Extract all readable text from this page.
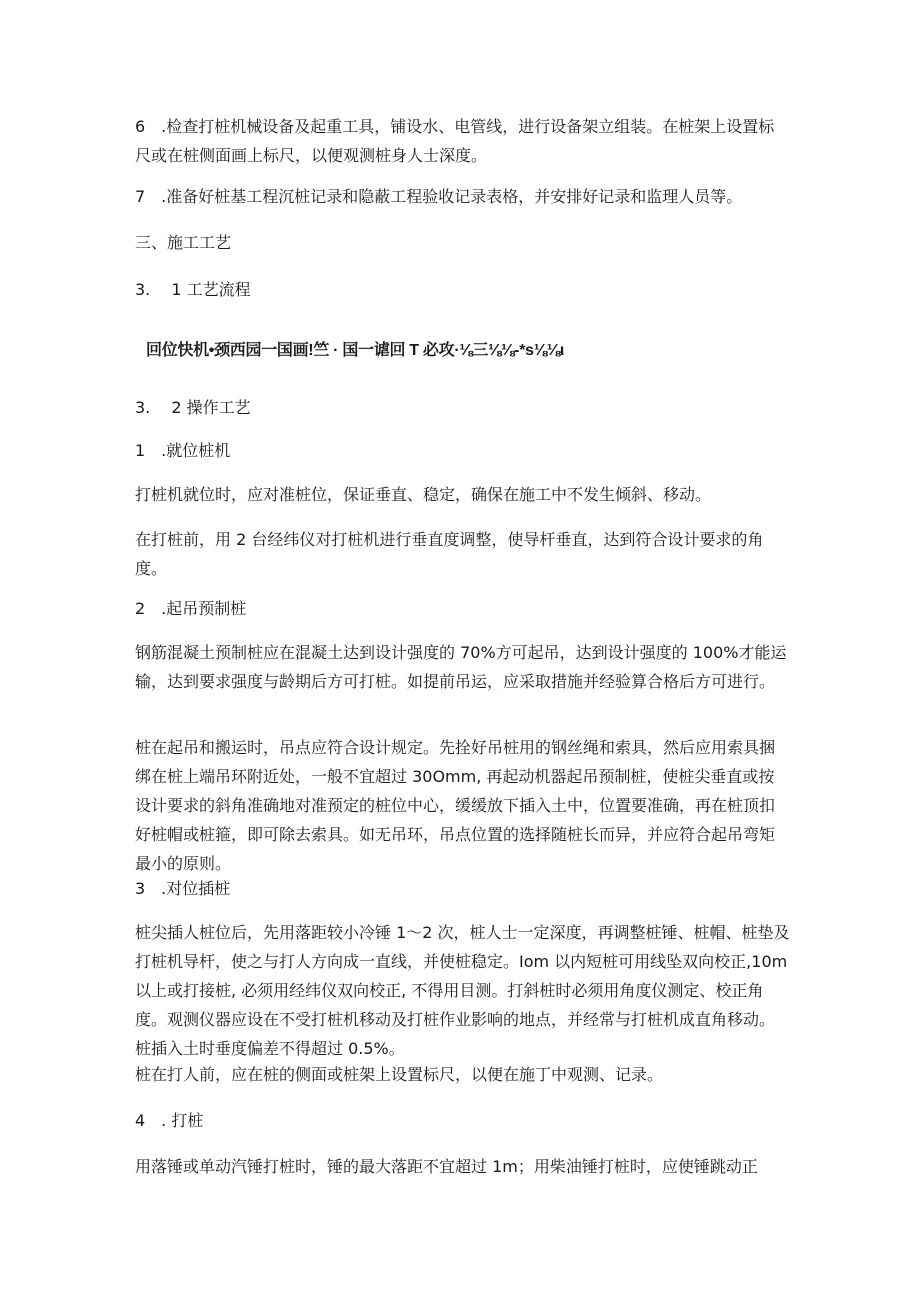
6　.检查打桩机械设备及起重工具，铺设水、电管线，进行设备架立组装。在桩架上设置标尺或在桩侧面画上标尺，以便观测桩身人士深度。

7　.准备好桩基工程沉桩记录和隐蔽工程验收记录表格，并安排好记录和监理人员等。

三、施工工艺

3.　 1 工艺流程

回位快机•颈西园一国画!竺 · 国一谑回 T 必攻·⅛三⅛⅛-*s⅛⅛ι

3.　 2 操作工艺

1　.就位桩机

打桩机就位时，应对准桩位，保证垂直、稳定，确保在施工中不发生倾斜、移动。

在打桩前，用 2 台经纬仪对打桩机进行垂直度调整，使导杆垂直，达到符合设计要求的角度。

2　.起吊预制桩

钢筋混凝土预制桩应在混凝土达到设计强度的 70%方可起吊，达到设计强度的 100%才能运输，达到要求强度与龄期后方可打桩。如提前吊运，应采取措施并经验算合格后方可进行。

桩在起吊和搬运时，吊点应符合设计规定。先拴好吊桩用的钢丝绳和索具，然后应用索具捆绑在桩上端吊环附近处，一般不宜超过 30Omm, 再起动机器起吊预制桩，使桩尖垂直或按设计要求的斜角准确地对准预定的桩位中心，缓缓放下插入土中，位置要准确，再在桩顶扣好桩帽或桩箍，即可除去索具。如无吊环，吊点位置的选择随桩长而异，并应符合起吊弯矩最小的原则。

3　.对位插桩

桩尖插人桩位后，先用落距较小冷锤 1～2 次，桩人士一定深度，再调整桩锤、桩帽、桩垫及打桩机导杆，使之与打人方向成一直线，并使桩稳定。Iom 以内短桩可用线坠双向校正,10m 以上或打接桩, 必须用经纬仪双向校正, 不得用目测。打斜桩时必须用角度仪测定、校正角度。观测仪器应设在不受打桩机移动及打桩作业影响的地点，并经常与打桩机成直角移动。桩插入土时垂度偏差不得超过 0.5%。

桩在打人前，应在桩的侧面或桩架上设置标尺，以便在施丁中观测、记录。

4　. 打桩

用落锤或单动汽锤打桩时，锤的最大落距不宜超过 1m；用柴油锤打桩时，应使锤跳动正
